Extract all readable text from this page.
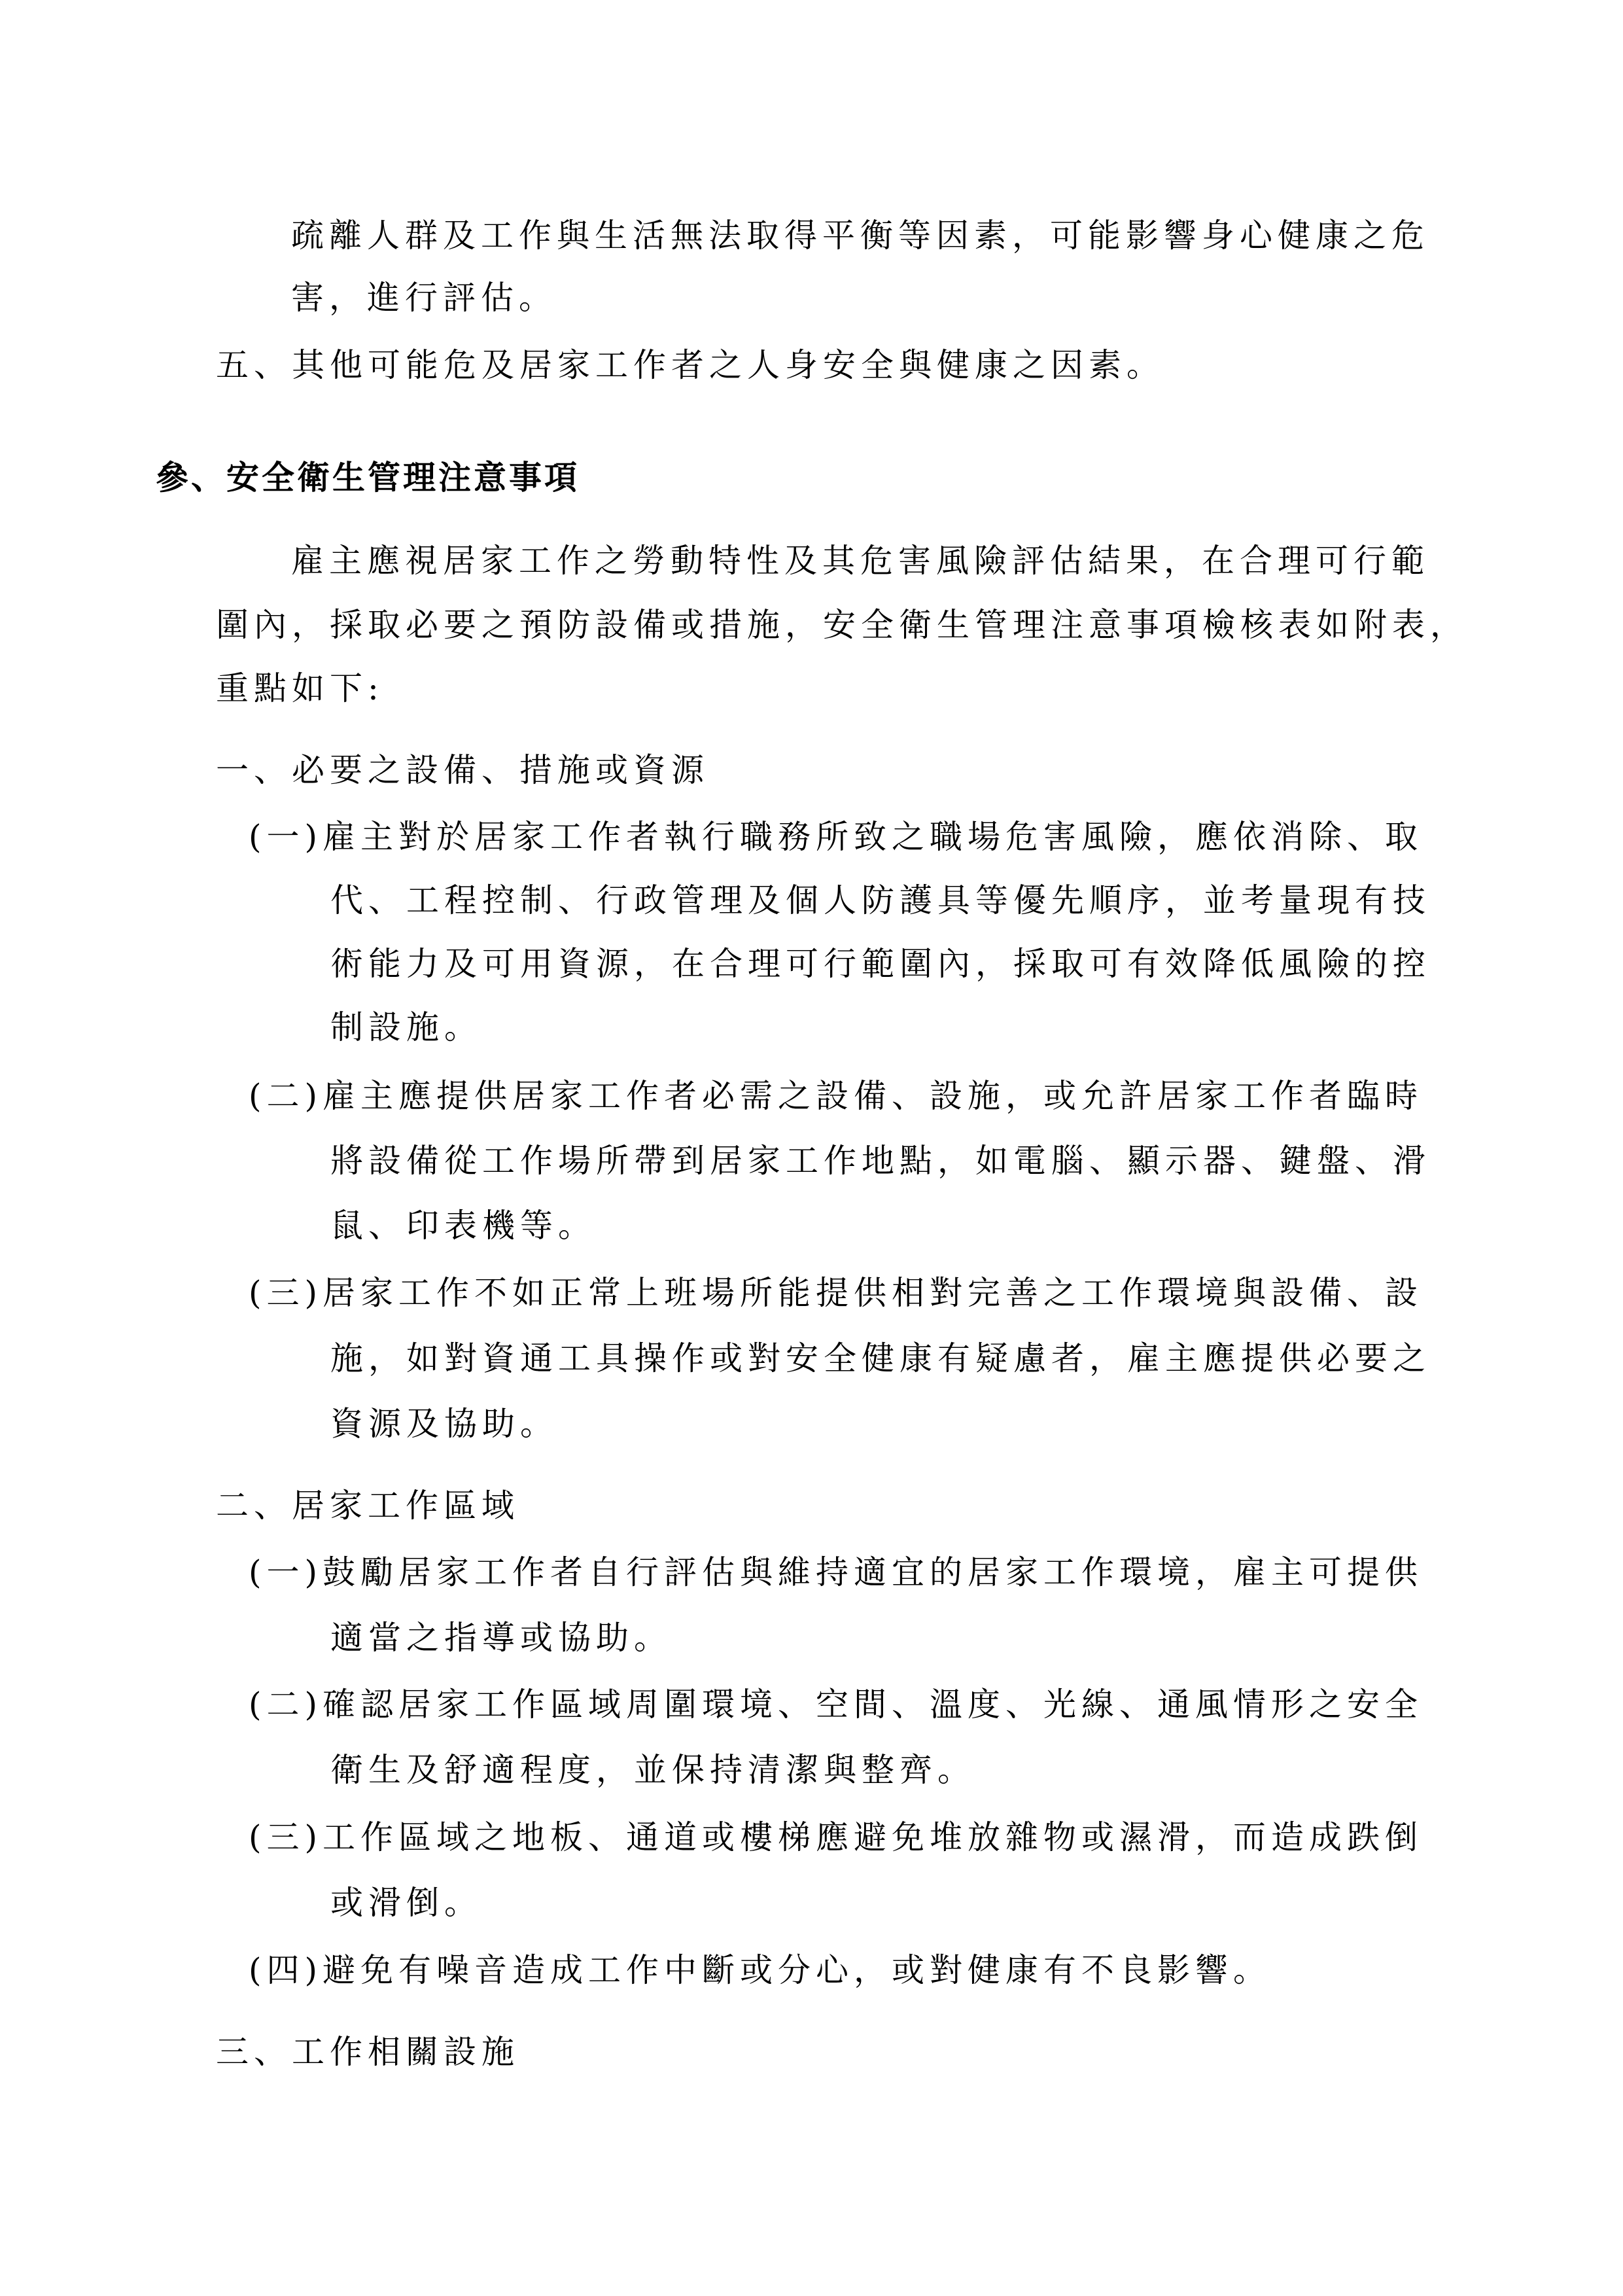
疏離人群及工作與生活無法取得平衡等因素，可能影響身心健康之危
害，進行評估。
五、其他可能危及居家工作者之人身安全與健康之因素。
參、安全衛生管理注意事項
雇主應視居家工作之勞動特性及其危害風險評估結果，在合理可行範
圍內，採取必要之預防設備或措施，安全衛生管理注意事項檢核表如附表，
重點如下:
一、必要之設備、措施或資源
(一)雇主對於居家工作者執行職務所致之職場危害風險，應依消除、取
代、工程控制、行政管理及個人防護具等優先順序，並考量現有技
術能力及可用資源，在合理可行範圍內，採取可有效降低風險的控
制設施。
(二)雇主應提供居家工作者必需之設備、設施，或允許居家工作者臨時
將設備從工作場所帶到居家工作地點，如電腦、顯示器、鍵盤、滑
鼠、印表機等。
(三)居家工作不如正常上班場所能提供相對完善之工作環境與設備、設
施，如對資通工具操作或對安全健康有疑慮者，雇主應提供必要之
資源及協助。
二、居家工作區域
(一)鼓勵居家工作者自行評估與維持適宜的居家工作環境，雇主可提供
適當之指導或協助。
(二)確認居家工作區域周圍環境、空間、溫度、光線、通風情形之安全
衛生及舒適程度，並保持清潔與整齊。
(三)工作區域之地板、通道或樓梯應避免堆放雜物或濕滑，而造成跌倒
或滑倒。
(四)避免有噪音造成工作中斷或分心，或對健康有不良影響。
三、工作相關設施
